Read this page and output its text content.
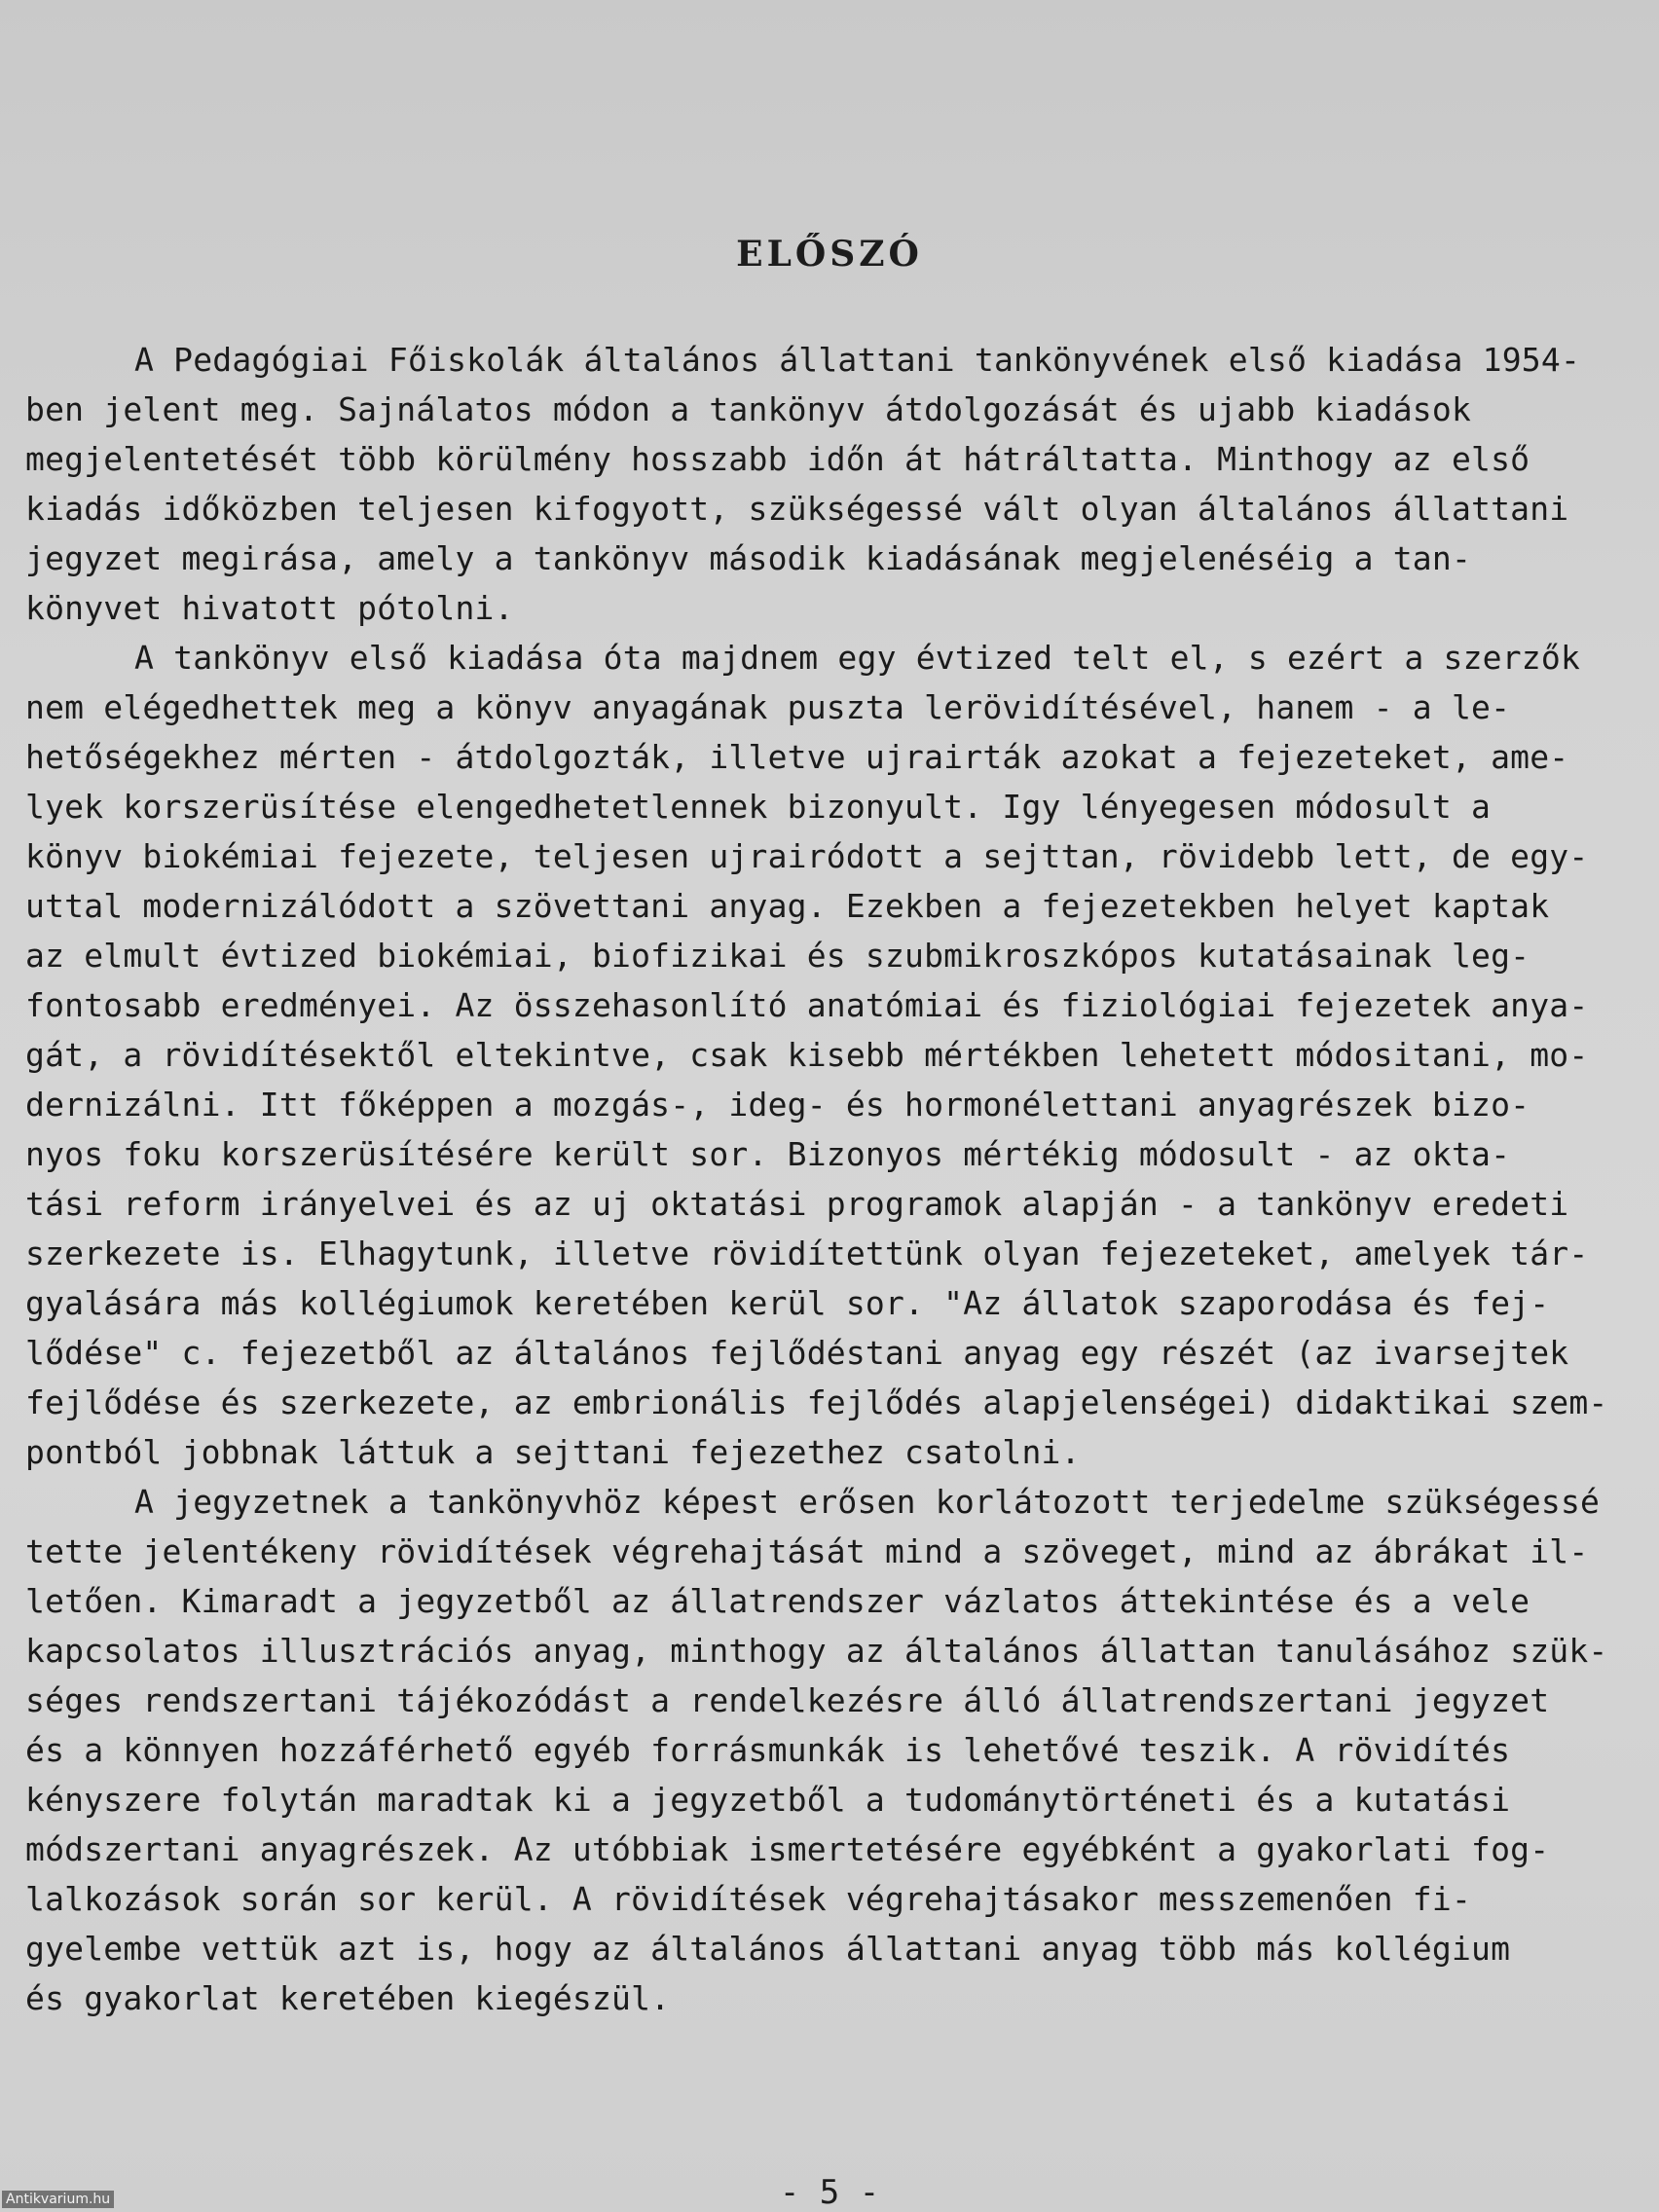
ELŐSZÓ
A Pedagógiai Főiskolák általános állattani tankönyvének első kiadása 1954-
ben jelent meg. Sajnálatos módon a tankönyv átdolgozását és ujabb kiadások
megjelentetését több körülmény hosszabb időn át hátráltatta. Minthogy az első
kiadás időközben teljesen kifogyott, szükségessé vált olyan általános állattani
jegyzet megirása, amely a tankönyv második kiadásának megjelenéséig a tan-
könyvet hivatott pótolni.
A tankönyv első kiadása óta majdnem egy évtized telt el, s ezért a szerzők
nem elégedhettek meg a könyv anyagának puszta lerövidítésével, hanem - a le-
hetőségekhez mérten - átdolgozták, illetve ujrairták azokat a fejezeteket, ame-
lyek korszerüsítése elengedhetetlennek bizonyult. Igy lényegesen módosult a
könyv biokémiai fejezete, teljesen ujrairódott a sejttan, rövidebb lett, de egy-
uttal modernizálódott a szövettani anyag. Ezekben a fejezetekben helyet kaptak
az elmult évtized biokémiai, biofizikai és szubmikroszkópos kutatásainak leg-
fontosabb eredményei. Az összehasonlító anatómiai és fiziológiai fejezetek anya-
gát, a rövidítésektől eltekintve, csak kisebb mértékben lehetett módositani, mo-
dernizálni. Itt főképpen a mozgás-, ideg- és hormonélettani anyagrészek bizo-
nyos foku korszerüsítésére került sor. Bizonyos mértékig módosult - az okta-
tási reform irányelvei és az uj oktatási programok alapján - a tankönyv eredeti
szerkezete is. Elhagytunk, illetve rövidítettünk olyan fejezeteket, amelyek tár-
gyalására más kollégiumok keretében kerül sor. "Az állatok szaporodása és fej-
lődése" c. fejezetből az általános fejlődéstani anyag egy részét (az ivarsejtek
fejlődése és szerkezete, az embrionális fejlődés alapjelenségei) didaktikai szem-
pontból jobbnak láttuk a sejttani fejezethez csatolni.
A jegyzetnek a tankönyvhöz képest erősen korlátozott terjedelme szükségessé
tette jelentékeny rövidítések végrehajtását mind a szöveget, mind az ábrákat il-
letően. Kimaradt a jegyzetből az állatrendszer vázlatos áttekintése és a vele
kapcsolatos illusztrációs anyag, minthogy az általános állattan tanulásához szük-
séges rendszertani tájékozódást a rendelkezésre álló állatrendszertani jegyzet
és a könnyen hozzáférhető egyéb forrásmunkák is lehetővé teszik. A rövidítés
kényszere folytán maradtak ki a jegyzetből a tudománytörténeti és a kutatási
módszertani anyagrészek. Az utóbbiak ismertetésére egyébként a gyakorlati fog-
lalkozások során sor kerül. A rövidítések végrehajtásakor messzemenően fi-
gyelembe vettük azt is, hogy az általános állattani anyag több más kollégium
és gyakorlat keretében kiegészül.
- 5 -
Antikvarium.hu
